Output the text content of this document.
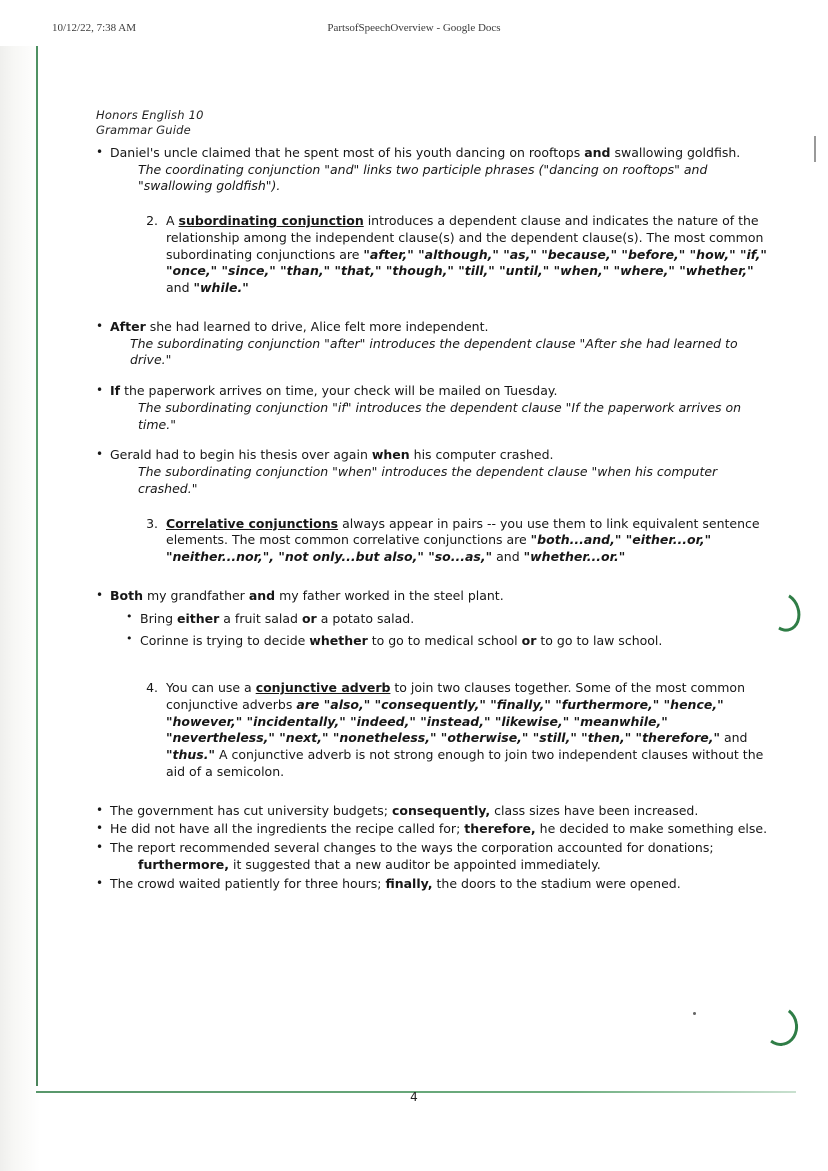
10/12/22, 7:38 AM	PartsofSpeechOverview - Google Docs
Honors English 10
Grammar Guide
• Daniel's uncle claimed that he spent most of his youth dancing on rooftops and swallowing goldfish.
The coordinating conjunction "and" links two participle phrases ("dancing on rooftops" and "swallowing goldfish").
2. A subordinating conjunction introduces a dependent clause and indicates the nature of the relationship among the independent clause(s) and the dependent clause(s). The most common subordinating conjunctions are "after," "although," "as," "because," "before," "how," "if," "once," "since," "than," "that," "though," "till," "until," "when," "where," "whether," and "while."
• After she had learned to drive, Alice felt more independent.
The subordinating conjunction "after" introduces the dependent clause "After she had learned to drive."
• If the paperwork arrives on time, your check will be mailed on Tuesday.
The subordinating conjunction "if" introduces the dependent clause "If the paperwork arrives on time."
• Gerald had to begin his thesis over again when his computer crashed.
The subordinating conjunction "when" introduces the dependent clause "when his computer crashed."
3. Correlative conjunctions always appear in pairs -- you use them to link equivalent sentence elements. The most common correlative conjunctions are "both...and," "either...or," "neither...nor,", "not only...but also," "so...as," and "whether...or."
• Both my grandfather and my father worked in the steel plant.
• Bring either a fruit salad or a potato salad.
• Corinne is trying to decide whether to go to medical school or to go to law school.
4. You can use a conjunctive adverb to join two clauses together. Some of the most common conjunctive adverbs are "also," "consequently," "finally," "furthermore," "hence," "however," "incidentally," "indeed," "instead," "likewise," "meanwhile," "nevertheless," "next," "nonetheless," "otherwise," "still," "then," "therefore," and "thus." A conjunctive adverb is not strong enough to join two independent clauses without the aid of a semicolon.
• The government has cut university budgets; consequently, class sizes have been increased.
• He did not have all the ingredients the recipe called for; therefore, he decided to make something else.
• The report recommended several changes to the ways the corporation accounted for donations; furthermore, it suggested that a new auditor be appointed immediately.
• The crowd waited patiently for three hours; finally, the doors to the stadium were opened.
4
